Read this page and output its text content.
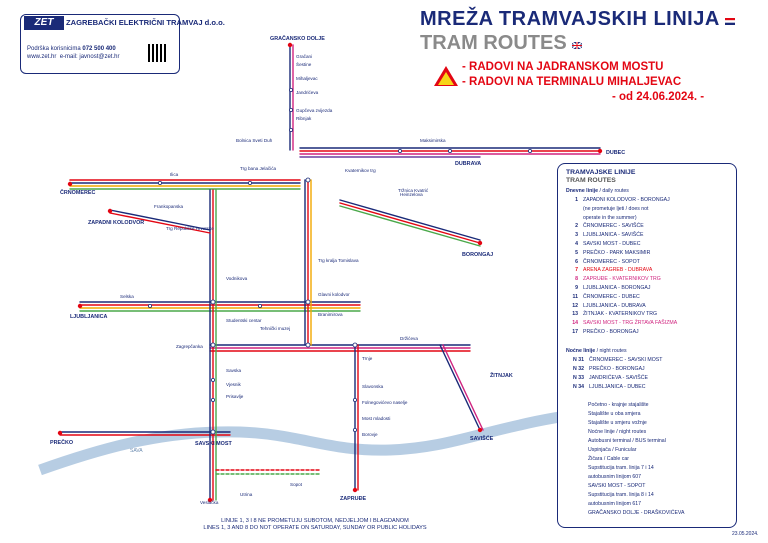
ČRNOMEREC
ZAPADNI KOLODVOR
LJUBLJANICA
PREČKO	SAVSKI MOST
ZAPRUĐE
SAVIŠĆE
ŽITNJAK
BORONGAJ
DUBRAVA
DUBEC
GRAČANSKO DOLJE
Jandrićeva
Mihaljevac
Trg bana Jelačića
Glavni kolodvor
Zagrepčanka
Vodnikova
Branimirova
Heinzelova
Maksimirska
Kvaternikov trg
Bolnica Sveti Duh
Studentski centar
Slavonska
Most mladosti
Veslačka
Utrina
Sopot
Savska
Prisavlje
Vjesnik
Držićeva
Trnje
Folnegovićevo naselje
Borovje
Tržnica Kvatrić
Trg kralja Tomislava
Frankopanska
Ilica
Selska
Tehnički muzej
Gračani
Gupčeva zvijezda
Ribnjak
Šestine
Trg Republike Hrvatske
SAVA
ZET	ZAGREBAČKI ELEKTRIČNI TRAMVAJ d.o.o.
Podrška korisnicima 072 500 400
www.zet.hr e-mail: javnost@zet.hr
MREŽA TRAMVAJSKIH LINIJA
TRAM ROUTES
- RADOVI NA JADRANSKOM MOSTU
- RADOVI NA TERMINALU MIHALJEVAC
- od 24.06.2024. -
TRAMVAJSKE LINIJE
TRAM ROUTES
Dnevne linije / daily routes
1 ZAPADNI KOLODVOR - BORONGAJ
(ne prometuje ljeti / does not
operate in the summer)
2 ČRNOMEREC - SAVIŠĆE
3 LJUBLJANICA - SAVIŠĆE
4 SAVSKI MOST - DUBEC
5 PREČKO - PARK MAKSIMIR
6 ČRNOMEREC - SOPOT
7 ARENA ZAGREB - DUBRAVA
8 ZAPRUĐE - KVATERNIKOV TRG
9 LJUBLJANICA - BORONGAJ
11 ČRNOMEREC - DUBEC
12 LJUBLJANICA - DUBRAVA
13 ŽITNJAK - KVATERNIKOV TRG
14 SAVSKI MOST - TRG ŽRTAVA FAŠIZMA
17 PREČKO - BORONGAJ
Noćne linije / night routes
N 31 ČRNOMEREC - SAVSKI MOST
N 32 PREČKO - BORONGAJ
N 33 JANDRIĆEVA - SAVIŠĆE
N 34 LJUBLJANICA - DUBEC
Početno - krajnje stajalište
Stajalište u oba smjera
Stajalište u smjeru vožnje
Noćne linije / night routes
Autobusni terminal / BUS terminal
Uspinjača / Funicular
Žičara / Cable car
Supstitucija tram. linija 7 i 14
autobusnim linijom 607
SAVSKI MOST - SOPOT
Supstitucija tram. linija 8 i 14
autobusnim linijom 617
GRAČANSKO DOLJE - DRAŠKOVIĆEVA
LINIJE 1, 3 I 8 NE PROMETUJU SUBOTOM, NEDJELJOM I BLAGDANOM
LINES 1, 3 AND 8 DO NOT OPERATE ON SATURDAY, SUNDAY OR PUBLIC HOLIDAYS
23.05.2024.
